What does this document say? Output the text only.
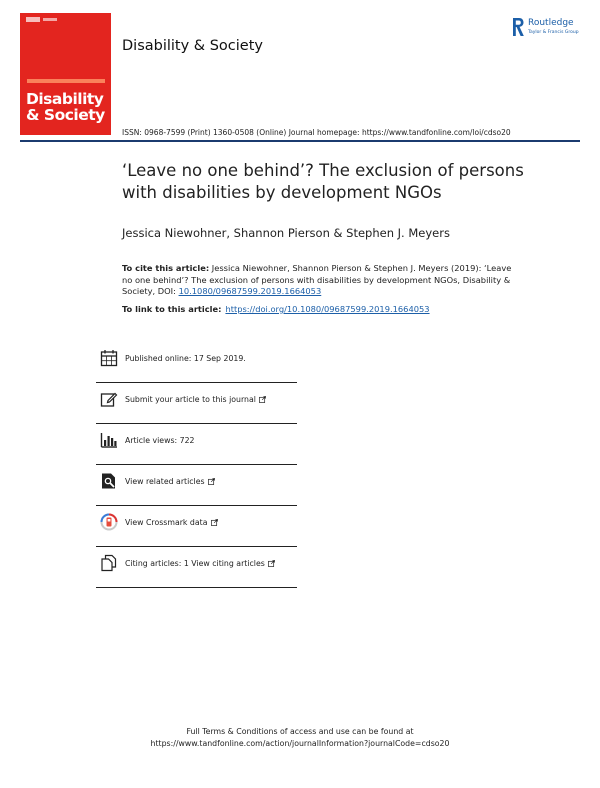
Disability
& Society
Disability & Society
Routledge
Taylor & Francis Group
ISSN: 0968-7599 (Print) 1360-0508 (Online) Journal homepage: https://www.tandfonline.com/loi/cdso20
‘Leave no one behind’? The exclusion of persons with disabilities by development NGOs
Jessica Niewohner, Shannon Pierson & Stephen J. Meyers
To cite this article: Jessica Niewohner, Shannon Pierson & Stephen J. Meyers (2019): ‘Leave no one behind’? The exclusion of persons with disabilities by development NGOs, Disability & Society, DOI: 10.1080/09687599.2019.1664053
To link to this article: https://doi.org/10.1080/09687599.2019.1664053
Published online: 17 Sep 2019.
Submit your article to this journal
Article views: 722
View related articles
View Crossmark data
Citing articles: 1 View citing articles
Full Terms & Conditions of access and use can be found at
https://www.tandfonline.com/action/journalInformation?journalCode=cdso20
